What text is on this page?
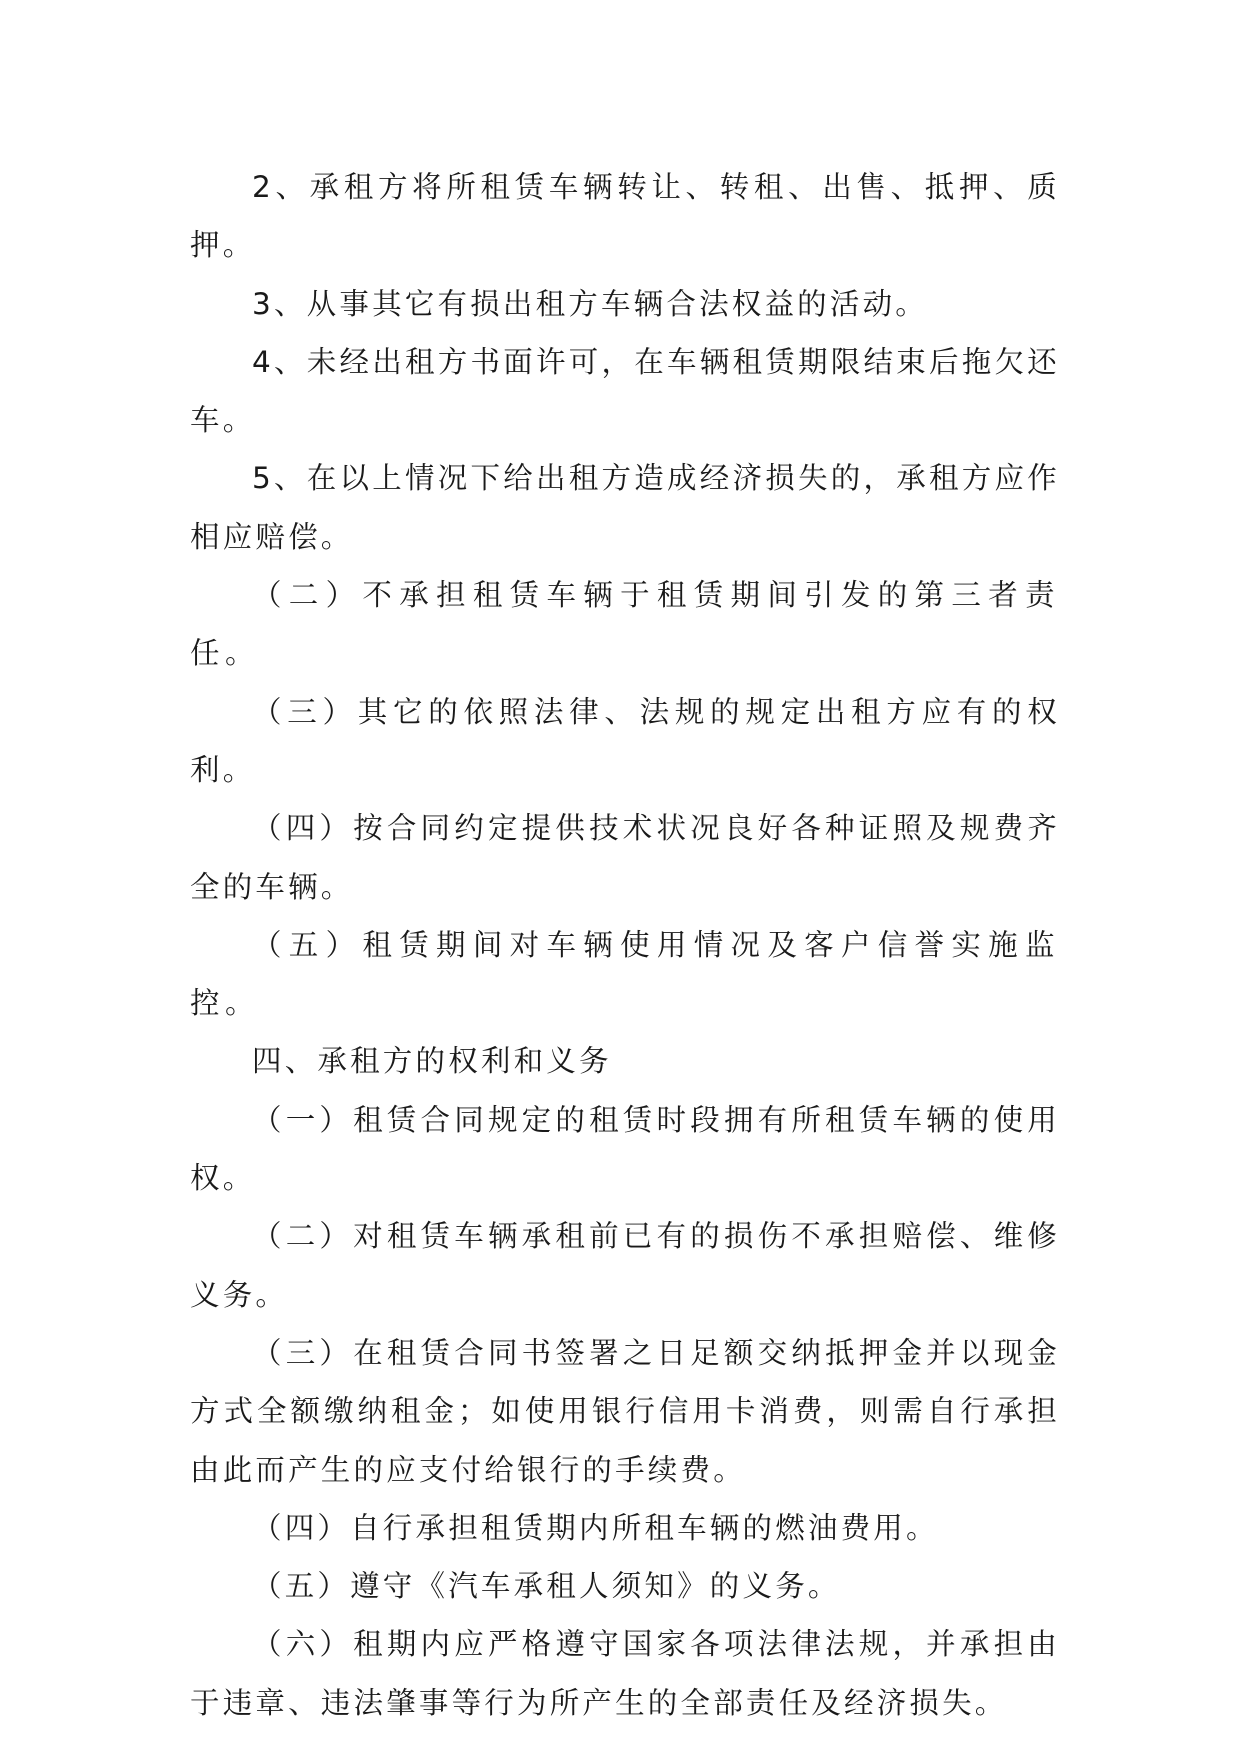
2、承租方将所租赁车辆转让、转租、出售、抵押、质押。

3、从事其它有损出租方车辆合法权益的活动。

4、未经出租方书面许可，在车辆租赁期限结束后拖欠还车。

5、在以上情况下给出租方造成经济损失的，承租方应作相应赔偿。

（二）不承担租赁车辆于租赁期间引发的第三者责任。

（三）其它的依照法律、法规的规定出租方应有的权利。

（四）按合同约定提供技术状况良好各种证照及规费齐全的车辆。

（五）租赁期间对车辆使用情况及客户信誉实施监控。

四、承租方的权利和义务

（一）租赁合同规定的租赁时段拥有所租赁车辆的使用权。

（二）对租赁车辆承租前已有的损伤不承担赔偿、维修义务。

（三）在租赁合同书签署之日足额交纳抵押金并以现金方式全额缴纳租金；如使用银行信用卡消费，则需自行承担由此而产生的应支付给银行的手续费。

（四）自行承担租赁期内所租车辆的燃油费用。

（五）遵守《汽车承租人须知》的义务。

（六）租期内应严格遵守国家各项法律法规，并承担由于违章、违法肇事等行为所产生的全部责任及经济损失。
